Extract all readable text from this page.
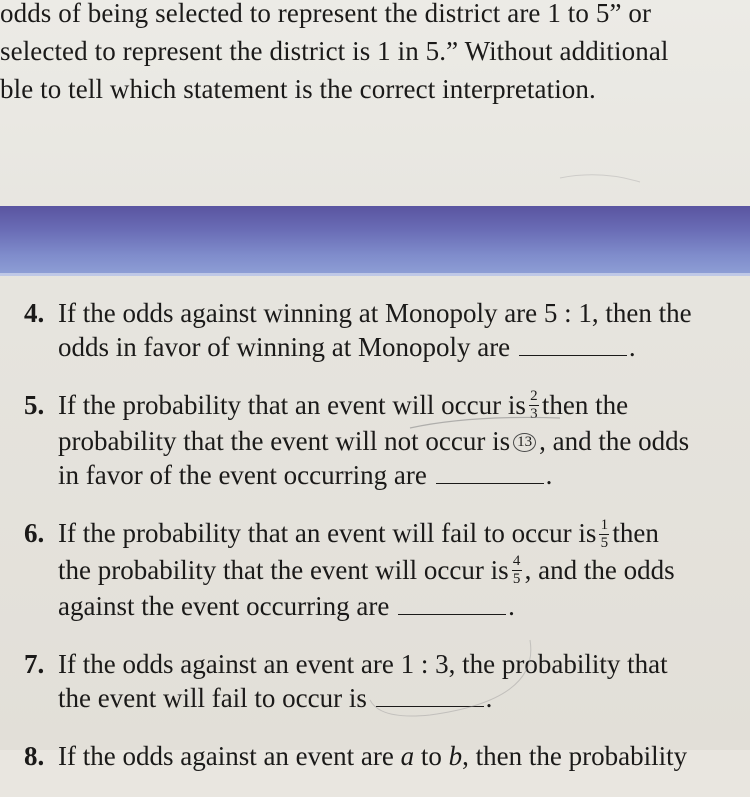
odds of being selected to represent the district are 1 to 5” or
selected to represent the district is 1 in 5.” Without additional
ble to tell which statement is the correct interpretation.
4. If the odds against winning at Monopoly are 5 : 1, then the
odds in favor of winning at Monopoly are	.
5. If the probability that an event will occur is $\frac{2}{3}$ then the
probability that the event will not occur is 13 , and the odds
in favor of the event occurring are	.
6. If the probability that an event will fail to occur is $\frac{1}{5}$ then
the probability that the event will occur is $\frac{4}{5}$ , and the odds
against the event occurring are	.
7. If the odds against an event are 1 : 3, the probability that
the event will fail to occur is	.
8. If the odds against an event are a to b, then the probability
